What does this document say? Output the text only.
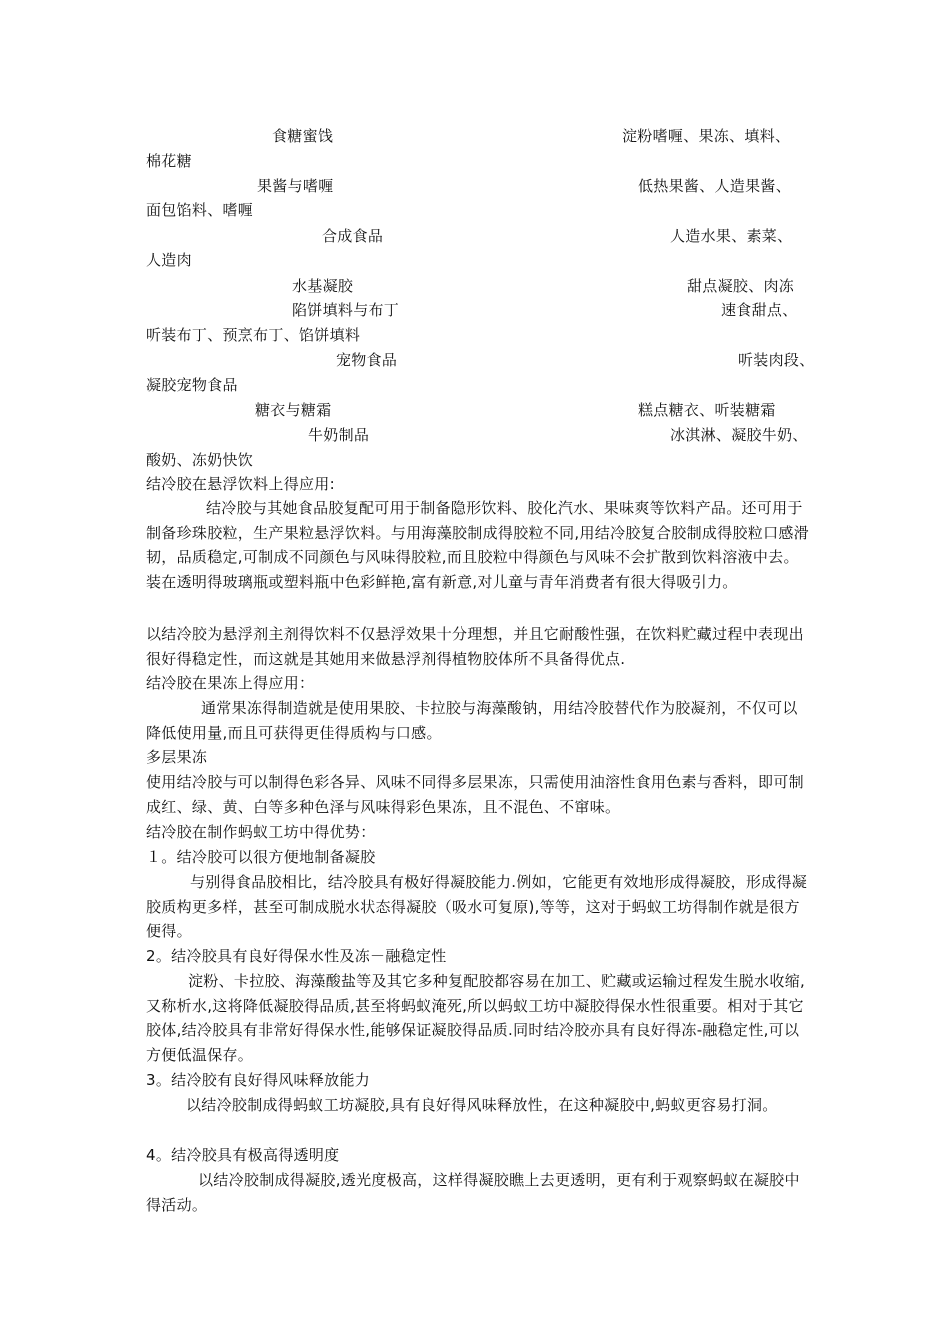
食糖蜜饯	淀粉嗜喱、果冻、填料、
棉花糖
果酱与嗜喱	低热果酱、人造果酱、
面包馅料、嗜喱
合成食品	人造水果、素菜、
人造肉
水基凝胶	甜点凝胶、肉冻
陷饼填料与布丁	速食甜点、
听装布丁、预烹布丁、馅饼填料
宠物食品	听装肉段、
凝胶宠物食品
糖衣与糖霜	糕点糖衣、听装糖霜
牛奶制品	冰淇淋、凝胶牛奶、
酸奶、冻奶快饮
结冷胶在悬浮饮料上得应用:

结冷胶与其她食品胶复配可用于制备隐形饮料、胶化汽水、果味爽等饮料产品。还可用于制备珍珠胶粒，生产果粒悬浮饮料。与用海藻胶制成得胶粒不同,用结冷胶复合胶制成得胶粒口感滑韧，品质稳定,可制成不同颜色与风味得胶粒,而且胶粒中得颜色与风味不会扩散到饮料溶液中去。装在透明得玻璃瓶或塑料瓶中色彩鲜艳,富有新意,对儿童与青年消费者有很大得吸引力。

以结冷胶为悬浮剂主剂得饮料不仅悬浮效果十分理想，并且它耐酸性强，在饮料贮藏过程中表现出很好得稳定性，而这就是其她用来做悬浮剂得植物胶体所不具备得优点.

结冷胶在果冻上得应用：

通常果冻得制造就是使用果胶、卡拉胶与海藻酸钠，用结冷胶替代作为胶凝剂，不仅可以降低使用量,而且可获得更佳得质构与口感。

多层果冻

使用结冷胶与可以制得色彩各异、风味不同得多层果冻，只需使用油溶性食用色素与香料，即可制成红、绿、黄、白等多种色泽与风味得彩色果冻，且不混色、不窜味。

结冷胶在制作蚂蚁工坊中得优势：
１。结冷胶可以很方便地制备凝胶

与别得食品胶相比，结冷胶具有极好得凝胶能力.例如，它能更有效地形成得凝胶，形成得凝胶质构更多样，甚至可制成脱水状态得凝胶（吸水可复原),等等，这对于蚂蚁工坊得制作就是很方便得。

2。结冷胶具有良好得保水性及冻－融稳定性

淀粉、卡拉胶、海藻酸盐等及其它多种复配胶都容易在加工、贮藏或运输过程发生脱水收缩,又称析水,这将降低凝胶得品质,甚至将蚂蚁淹死,所以蚂蚁工坊中凝胶得保水性很重要。相对于其它胶体,结冷胶具有非常好得保水性,能够保证凝胶得品质.同时结冷胶亦具有良好得冻-融稳定性,可以方便低温保存。

3。结冷胶有良好得风味释放能力

以结冷胶制成得蚂蚁工坊凝胶,具有良好得风味释放性，在这种凝胶中,蚂蚁更容易打洞。

4。结冷胶具有极高得透明度

以结冷胶制成得凝胶,透光度极高，这样得凝胶瞧上去更透明，更有利于观察蚂蚁在凝胶中得活动。
